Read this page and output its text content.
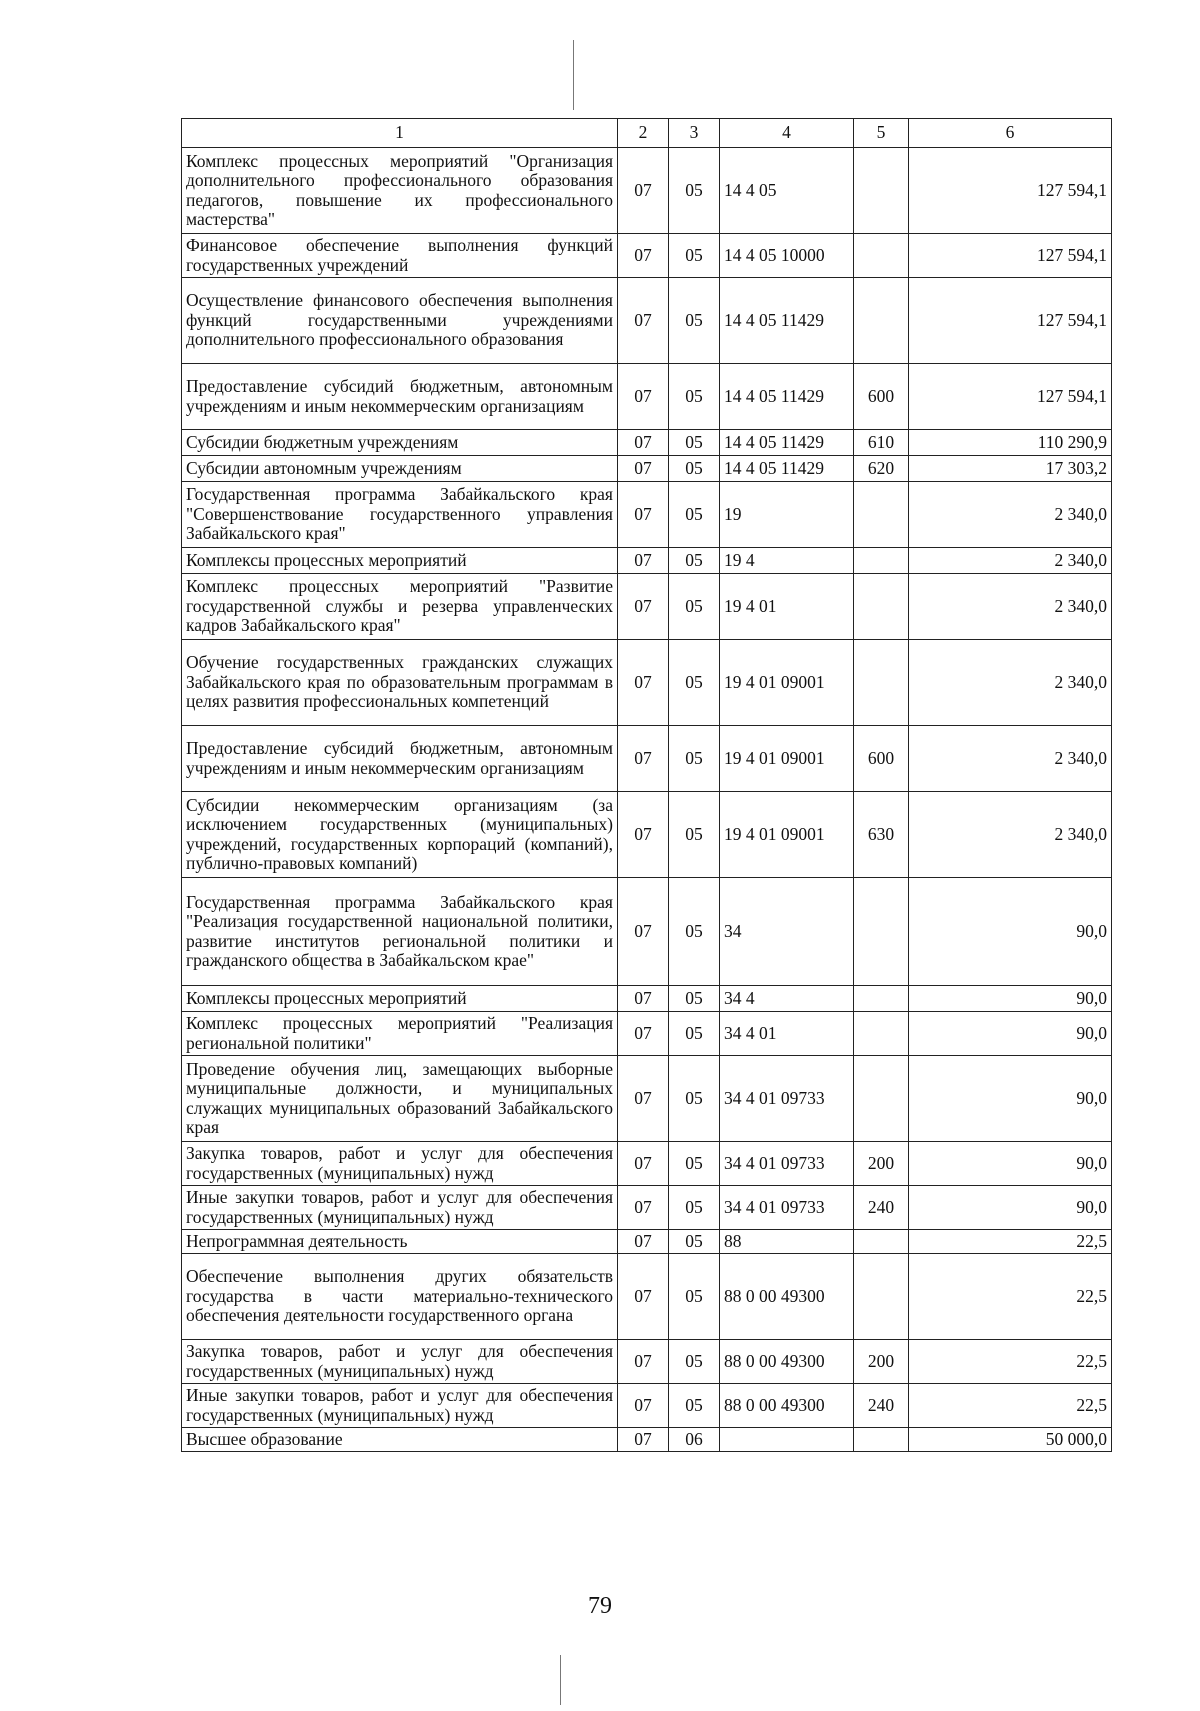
1	2	3	4	5	6
Комплекс процессных мероприятий "Организация дополнительного профессионального образования педагогов, повышение их профессионального мастерства"	07	05	14 4 05		127 594,1
Финансовое обеспечение выполнения функций государственных учреждений	07	05	14 4 05 10000		127 594,1
Осуществление финансового обеспечения выполнения функций государственными учреждениями дополнительного профессионального образования	07	05	14 4 05 11429		127 594,1
Предоставление субсидий бюджетным, автономным учреждениям и иным некоммерческим организациям	07	05	14 4 05 11429	600	127 594,1
Субсидии бюджетным учреждениям	07	05	14 4 05 11429	610	110 290,9
Субсидии автономным учреждениям	07	05	14 4 05 11429	620	17 303,2
Государственная программа Забайкальского края "Совершенствование государственного управления Забайкальского края"	07	05	19		2 340,0
Комплексы процессных мероприятий	07	05	19 4		2 340,0
Комплекс процессных мероприятий "Развитие государственной службы и резерва управленческих кадров Забайкальского края"	07	05	19 4 01		2 340,0
Обучение государственных гражданских служащих Забайкальского края по образовательным программам в целях развития профессиональных компетенций	07	05	19 4 01 09001		2 340,0
Предоставление субсидий бюджетным, автономным учреждениям и иным некоммерческим организациям	07	05	19 4 01 09001	600	2 340,0
Субсидии некоммерческим организациям (за исключением государственных (муниципальных) учреждений, государственных корпораций (компаний), публично-правовых компаний)	07	05	19 4 01 09001	630	2 340,0
Государственная программа Забайкальского края "Реализация государственной национальной политики, развитие институтов региональной политики и гражданского общества в Забайкальском крае"	07	05	34		90,0
Комплексы процессных мероприятий	07	05	34 4		90,0
Комплекс процессных мероприятий "Реализация региональной политики"	07	05	34 4 01		90,0
Проведение обучения лиц, замещающих выборные муниципальные должности, и муниципальных служащих муниципальных образований Забайкальского края	07	05	34 4 01 09733		90,0
Закупка товаров, работ и услуг для обеспечения государственных (муниципальных) нужд	07	05	34 4 01 09733	200	90,0
Иные закупки товаров, работ и услуг для обеспечения государственных (муниципальных) нужд	07	05	34 4 01 09733	240	90,0
Непрограммная деятельность	07	05	88		22,5
Обеспечение выполнения других обязательств государства в части материально-технического обеспечения деятельности государственного органа	07	05	88 0 00 49300		22,5
Закупка товаров, работ и услуг для обеспечения государственных (муниципальных) нужд	07	05	88 0 00 49300	200	22,5
Иные закупки товаров, работ и услуг для обеспечения государственных (муниципальных) нужд	07	05	88 0 00 49300	240	22,5
Высшее образование	07	06			50 000,0
79
